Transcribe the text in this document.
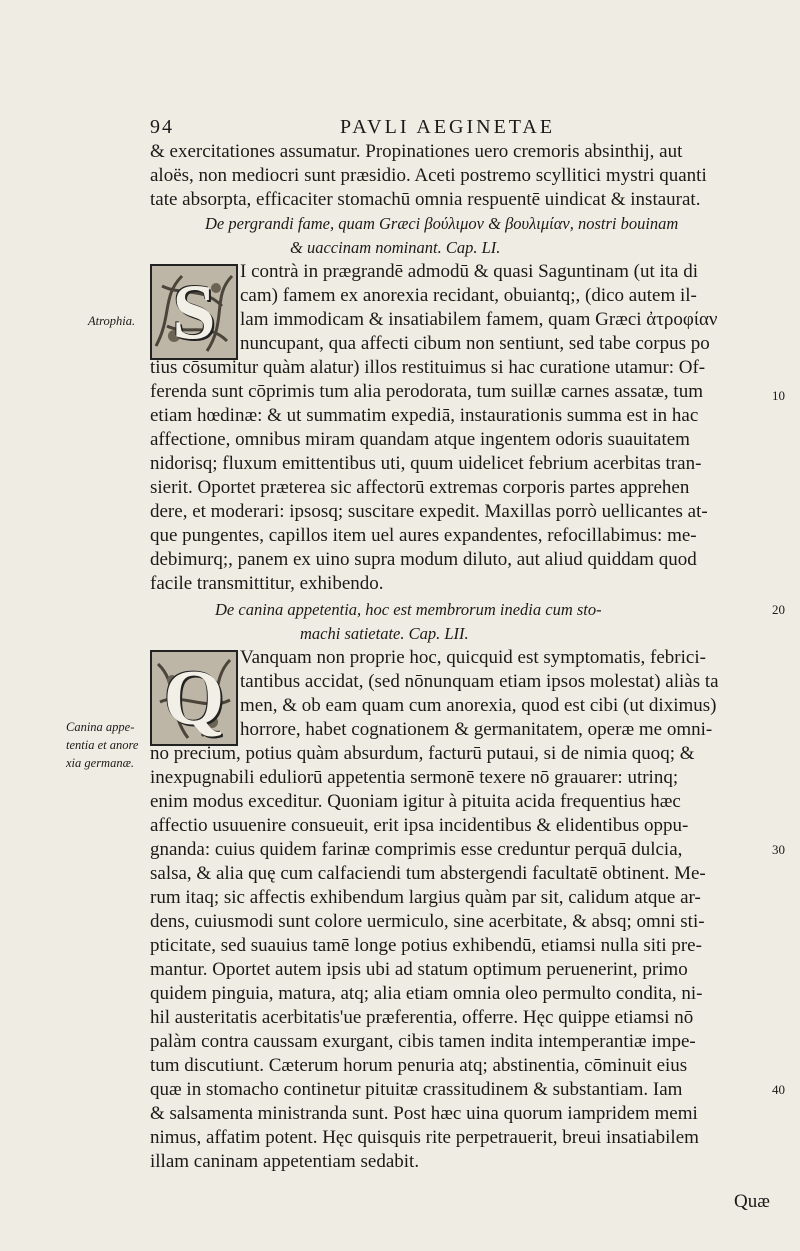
94	PAVLI AEGINETAE
& exercitationes assumatur. Propinationes uero cremoris absinthij, aut
aloës, non mediocri sunt præsidio. Aceti postremo scyllitici mystri quanti
tate absorpta, efficaciter stomachū omnia respuentē uindicat & instaurat.
De pergrandi fame, quam Græci βούλιμον & βουλιμίαν, nostri bouinam
& uaccinam nominant. Cap. LI.
S I contrà in prægrandē admodū & quasi Saguntinam (ut ita di
cam) famem ex anorexia recidant, obuiantq;, (dico autem il-
lam immodicam & insatiabilem famem, quam Græci ἀτροφίαν
nuncupant, qua affecti cibum non sentiunt, sed tabe corpus po
tius cōsumitur quàm alatur) illos restituimus si hac curatione utamur: Of-
ferenda sunt cōprimis tum alia perodorata, tum suillæ carnes assatæ, tum
etiam hœdinæ: & ut summatim expediā, instaurationis summa est in hac
affectione, omnibus miram quandam atque ingentem odoris suauitatem
nidorisq; fluxum emittentibus uti, quum uidelicet febrium acerbitas tran-
sierit. Oportet præterea sic affectorū extremas corporis partes apprehen
dere, et moderari: ipsosq; suscitare expedit. Maxillas porrò uellicantes at-
que pungentes, capillos item uel aures expandentes, refocillabimus: me-
debimurq;, panem ex uino supra modum diluto, aut aliud quiddam quod
facile transmittitur, exhibendo.
Atrophia.
De canina appetentia, hoc est membrorum inedia cum sto-
machi satietate. Cap. LII.
Q Vanquam non proprie hoc, quicquid est symptomatis, febrici-
tantibus accidat, (sed nōnunquam etiam ipsos molestat) aliàs ta
men, & ob eam quam cum anorexia, quod est cibi (ut diximus)
horrore, habet cognationem & germanitatem, operæ me omni-
no precium, potius quàm absurdum, facturū putaui, si de nimia quoq; &
inexpugnabili eduliorū appetentia sermonē texere nō grauarer: utrinq;
enim modus exceditur. Quoniam igitur à pituita acida frequentius hæc
affectio usuuenire consueuit, erit ipsa incidentibus & elidentibus oppu-
gnanda: cuius quidem farinæ comprimis esse creduntur perquā dulcia,
salsa, & alia quę cum calfaciendi tum abstergendi facultatē obtinent. Me-
rum itaq; sic affectis exhibendum largius quàm par sit, calidum atque ar-
dens, cuiusmodi sunt colore uermiculo, sine acerbitate, & absq; omni sti-
pticitate, sed suauius tamē longe potius exhibendū, etiamsi nulla siti pre-
mantur. Oportet autem ipsis ubi ad statum optimum peruenerint, primo
quidem pinguia, matura, atq; alia etiam omnia oleo permulto condita, ni-
hil austeritatis acerbitatis'ue præferentia, offerre. Hęc quippe etiamsi nō
palàm contra caussam exurgant, cibis tamen indita intemperantiæ impe-
tum discutiunt. Cæterum horum penuria atq; abstinentia, cōminuit eius
quæ in stomacho continetur pituitæ crassitudinem & substantiam. Iam
& salsamenta ministranda sunt. Post hæc uina quorum iampridem memi
nimus, affatim potent. Hęc quisquis rite perpetrauerit, breui insatiabilem
illam caninam appetentiam sedabit.
Canina appe-
tentia et anore
xia germanæ.
10
20
30
40
Quæ
